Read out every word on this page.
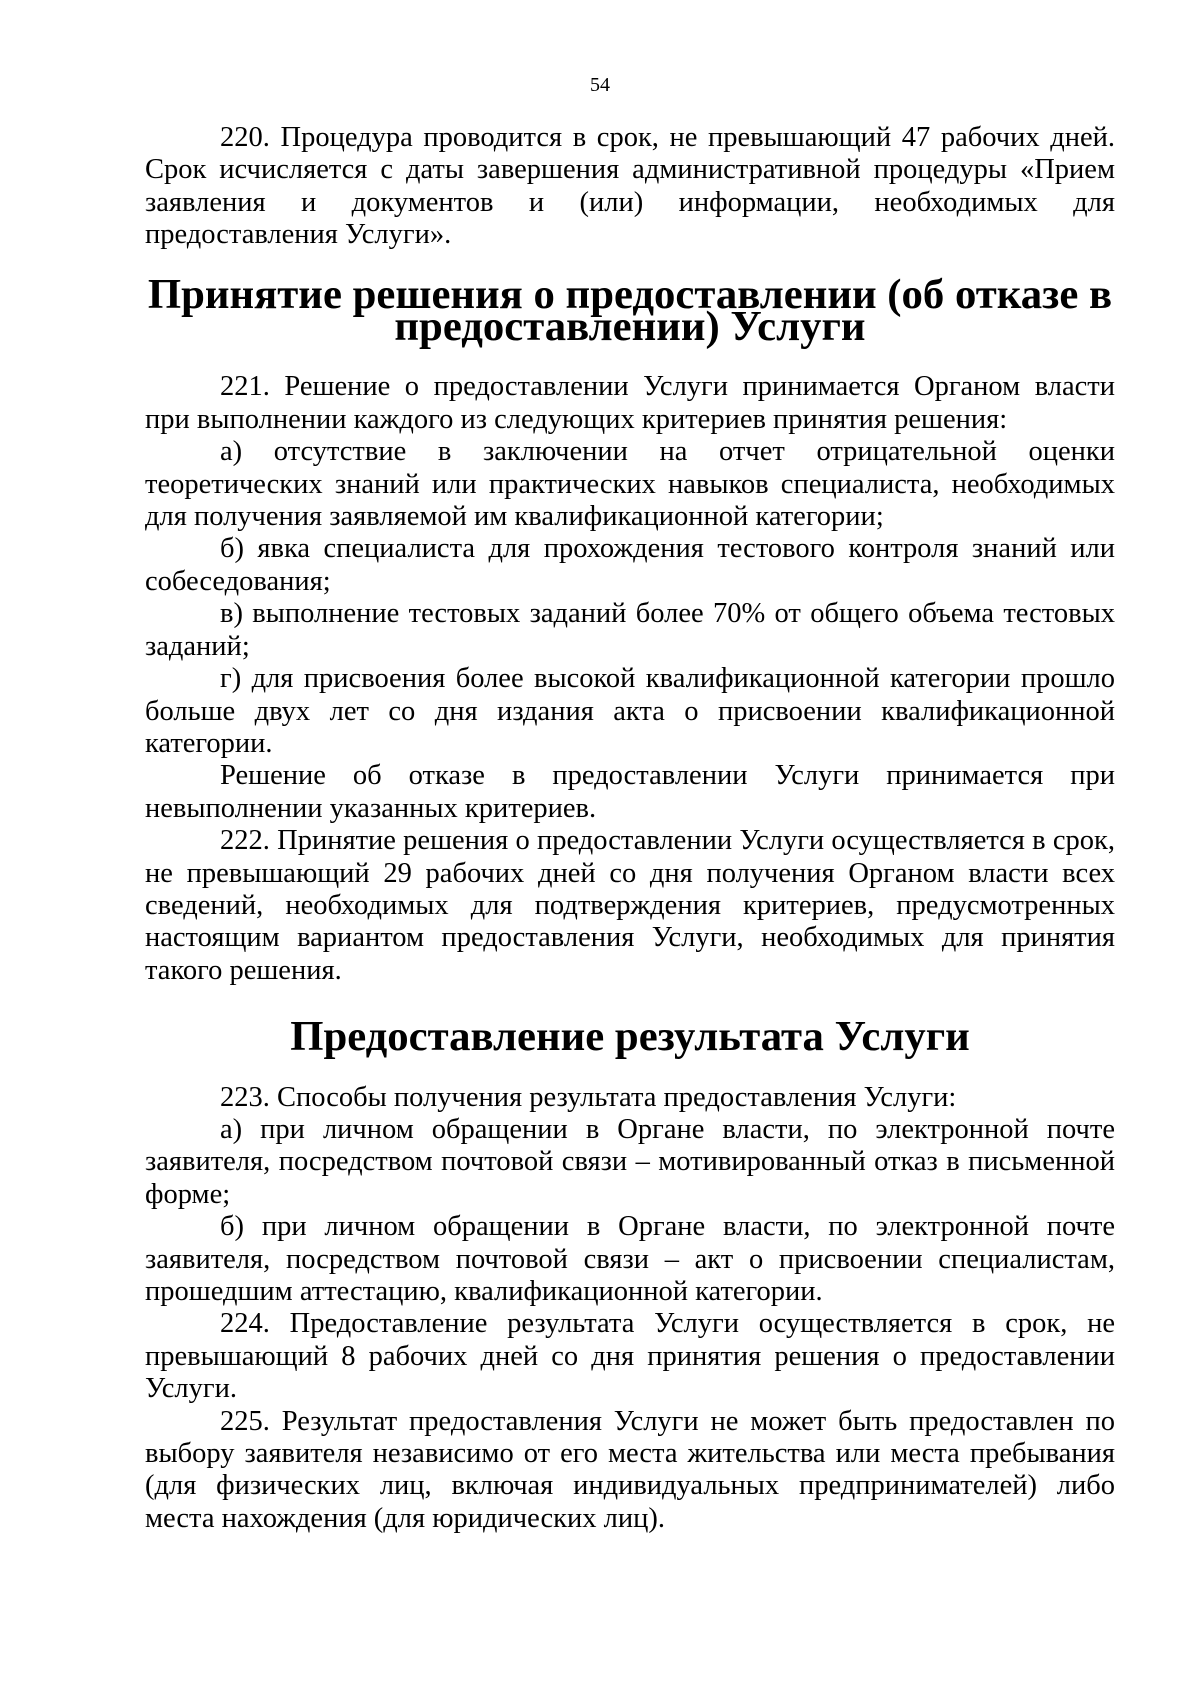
54

220. Процедура проводится в срок, не превышающий 47 рабочих дней. Срок исчисляется с даты завершения административной процедуры «Прием заявления и документов и (или) информации, необходимых для предоставления Услуги».

Принятие решения о предоставлении (об отказе в предоставлении) Услуги

221. Решение о предоставлении Услуги принимается Органом власти при выполнении каждого из следующих критериев принятия решения:

а) отсутствие в заключении на отчет отрицательной оценки теоретических знаний или практических навыков специалиста, необходимых для получения заявляемой им квалификационной категории;

б) явка специалиста для прохождения тестового контроля знаний или собеседования;

в) выполнение тестовых заданий более 70% от общего объема тестовых заданий;

г) для присвоения более высокой квалификационной категории прошло больше двух лет со дня издания акта о присвоении квалификационной категории.

Решение об отказе в предоставлении Услуги принимается при невыполнении указанных критериев.

222. Принятие решения о предоставлении Услуги осуществляется в срок, не превышающий 29 рабочих дней со дня получения Органом власти всех сведений, необходимых для подтверждения критериев, предусмотренных настоящим вариантом предоставления Услуги, необходимых для принятия такого решения.

Предоставление результата Услуги

223. Способы получения результата предоставления Услуги:

а) при личном обращении в Органе власти, по электронной почте заявителя, посредством почтовой связи – мотивированный отказ в письменной форме;

б) при личном обращении в Органе власти, по электронной почте заявителя, посредством почтовой связи – акт о присвоении специалистам, прошедшим аттестацию, квалификационной категории.

224. Предоставление результата Услуги осуществляется в срок, не превышающий 8 рабочих дней со дня принятия решения о предоставлении Услуги.

225. Результат предоставления Услуги не может быть предоставлен по выбору заявителя независимо от его места жительства или места пребывания (для физических лиц, включая индивидуальных предпринимателей) либо места нахождения (для юридических лиц).
